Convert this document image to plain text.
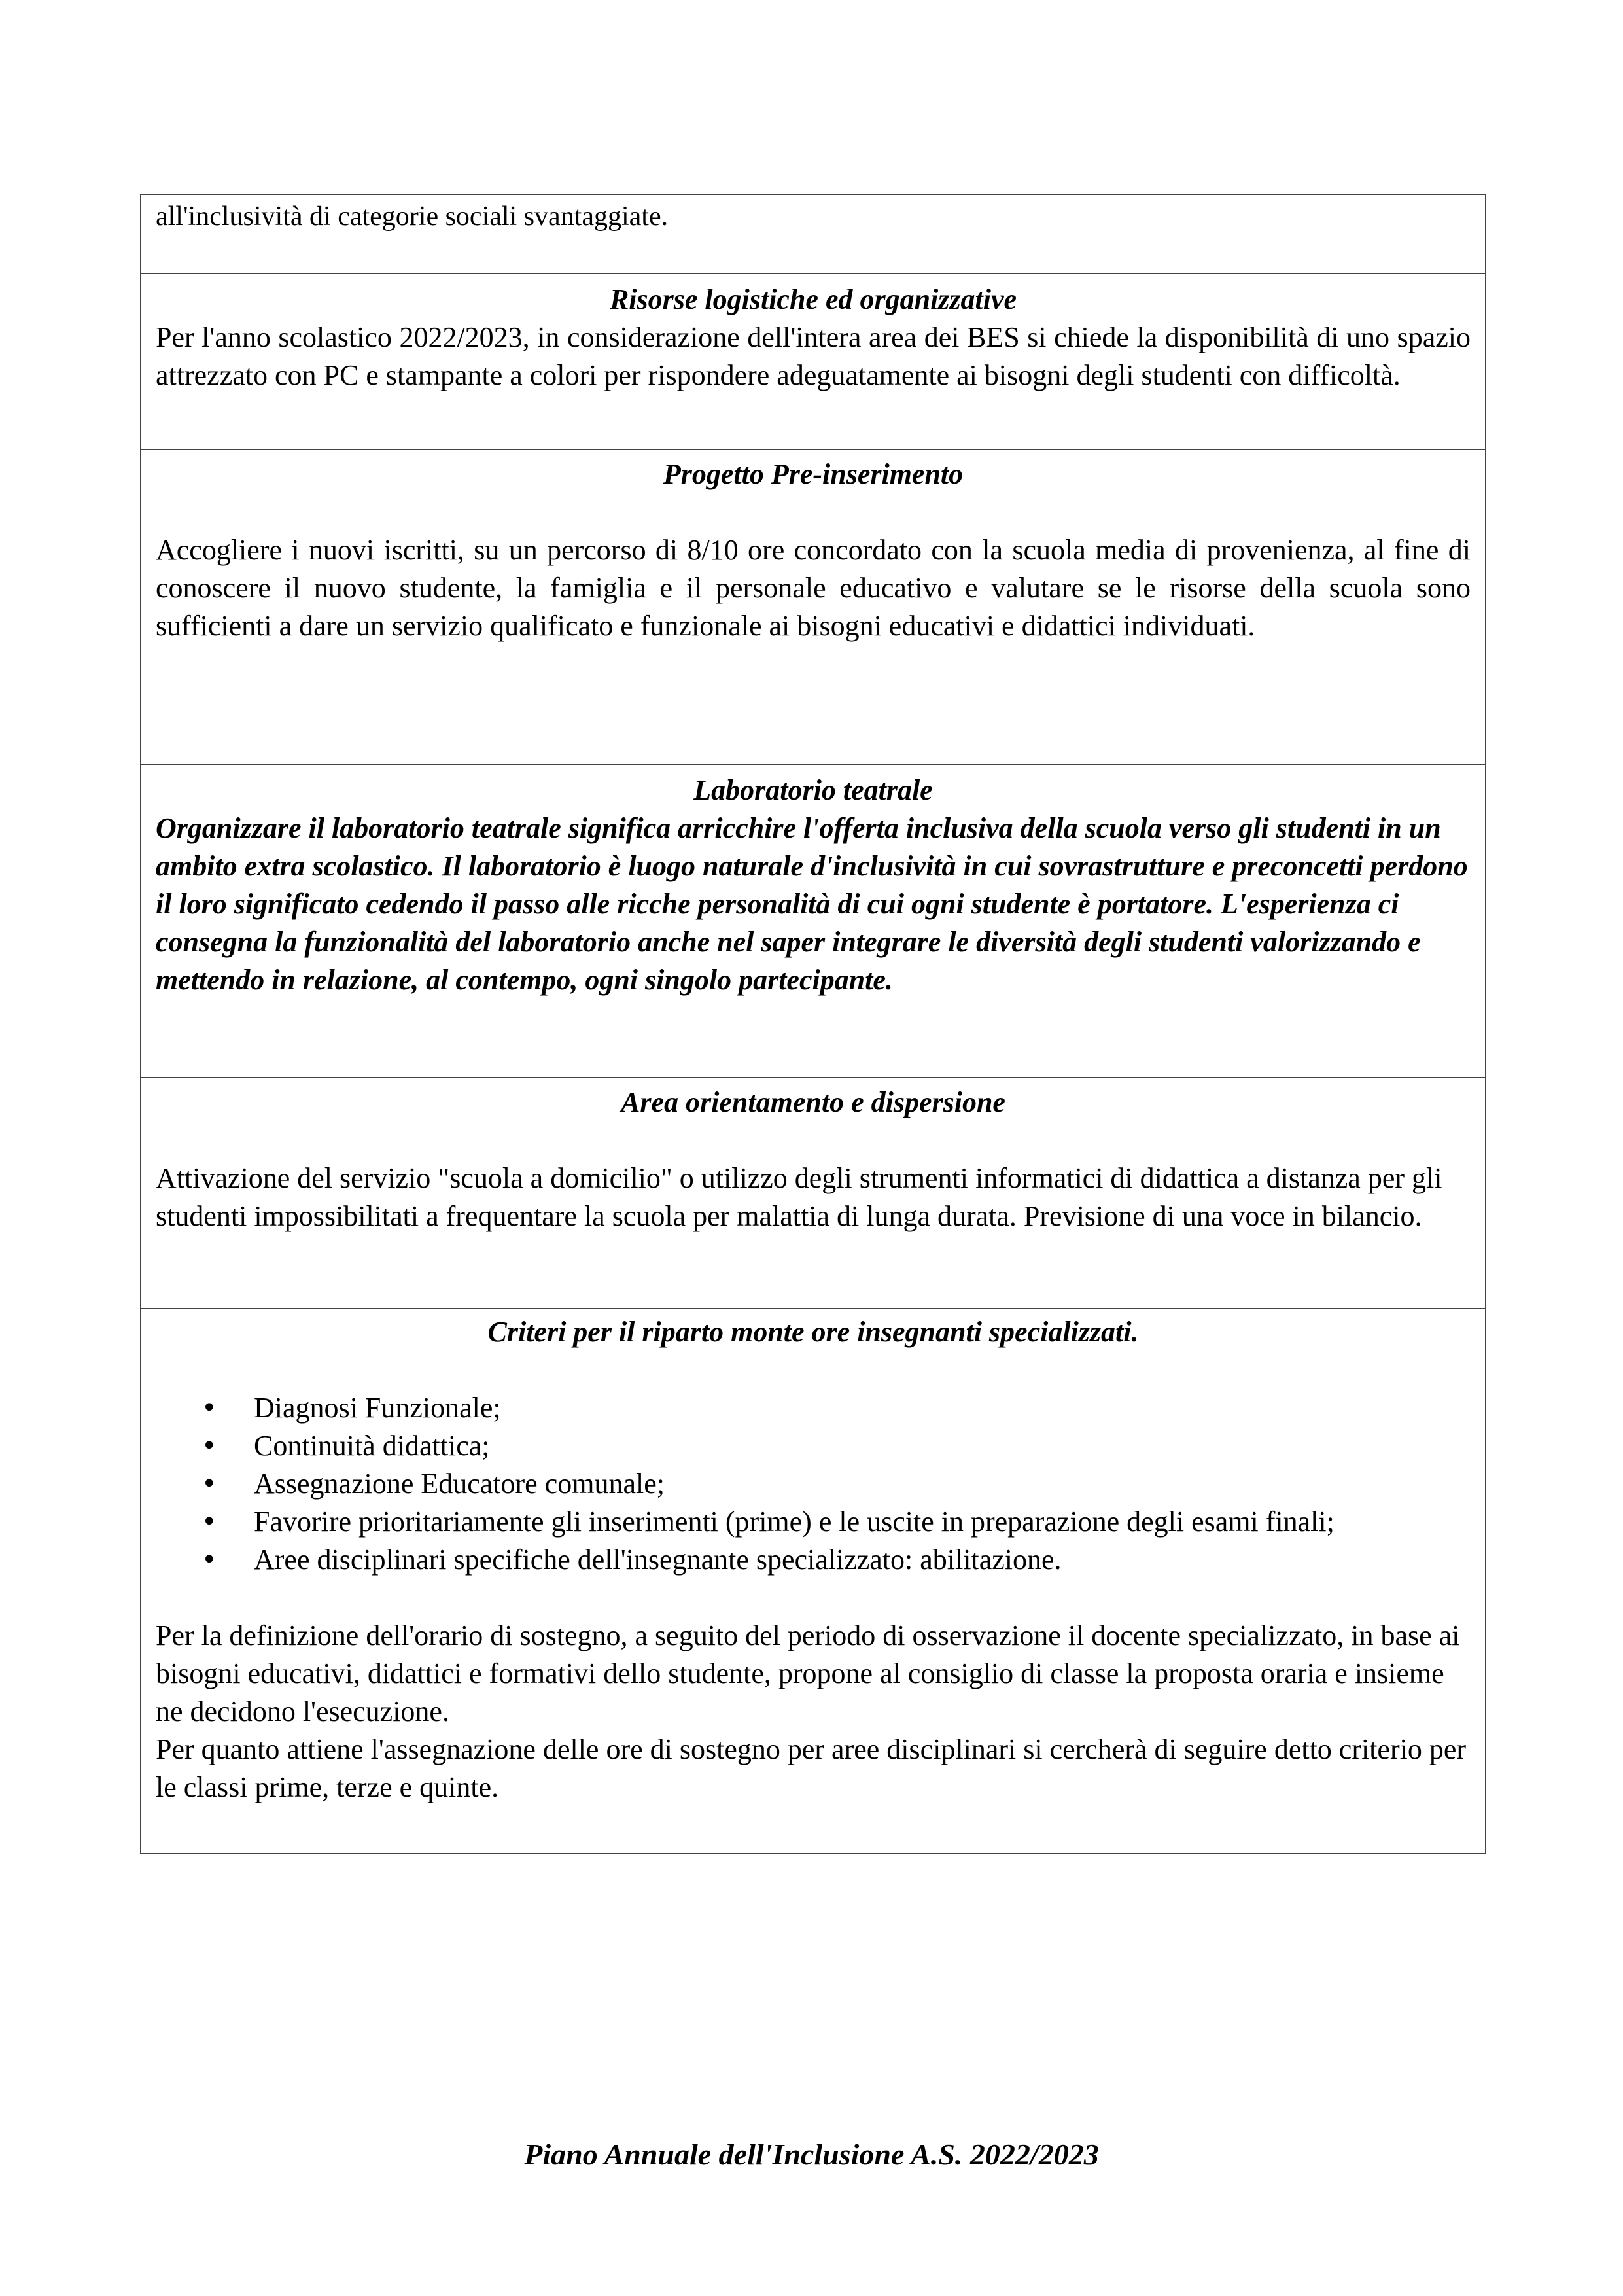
all'inclusività di categorie sociali svantaggiate.

Risorse logistiche ed organizzative

Per l'anno scolastico 2022/2023, in considerazione dell'intera area dei BES si chiede la disponibilità di uno spazio attrezzato con PC e stampante a colori per rispondere adeguatamente ai bisogni degli studenti con difficoltà.

Progetto Pre-inserimento

Accogliere i nuovi iscritti, su un percorso di 8/10 ore concordato con la scuola media di provenienza, al fine di conoscere il nuovo studente, la famiglia e il personale educativo e valutare se le risorse della scuola sono sufficienti a dare un servizio qualificato e funzionale ai bisogni educativi e didattici individuati.

Laboratorio teatrale

Organizzare il laboratorio teatrale significa arricchire l'offerta inclusiva della scuola verso gli studenti in un ambito extra scolastico. Il laboratorio è luogo naturale d'inclusività in cui sovrastrutture e preconcetti perdono il loro significato cedendo il passo alle ricche personalità di cui ogni studente è portatore. L'esperienza ci consegna la funzionalità del laboratorio anche nel saper integrare le diversità degli studenti valorizzando e mettendo in relazione, al contempo, ogni singolo partecipante.

Area orientamento e dispersione

Attivazione del servizio "scuola a domicilio" o utilizzo degli strumenti informatici di didattica a distanza per gli studenti impossibilitati a frequentare la scuola per malattia di lunga durata. Previsione di una voce in bilancio.

Criteri per il riparto monte ore insegnanti specializzati.

• Diagnosi Funzionale;
• Continuità didattica;
• Assegnazione Educatore comunale;
• Favorire prioritariamente gli inserimenti (prime) e le uscite in preparazione degli esami finali;
• Aree disciplinari specifiche dell'insegnante specializzato: abilitazione.

Per la definizione dell'orario di sostegno, a seguito del periodo di osservazione il docente specializzato, in base ai bisogni educativi, didattici e formativi dello studente, propone al consiglio di classe la proposta oraria e insieme ne decidono l'esecuzione.

Per quanto attiene l'assegnazione delle ore di sostegno per aree disciplinari si cercherà di seguire detto criterio per le classi prime, terze e quinte.

Piano Annuale dell'Inclusione A.S. 2022/2023
